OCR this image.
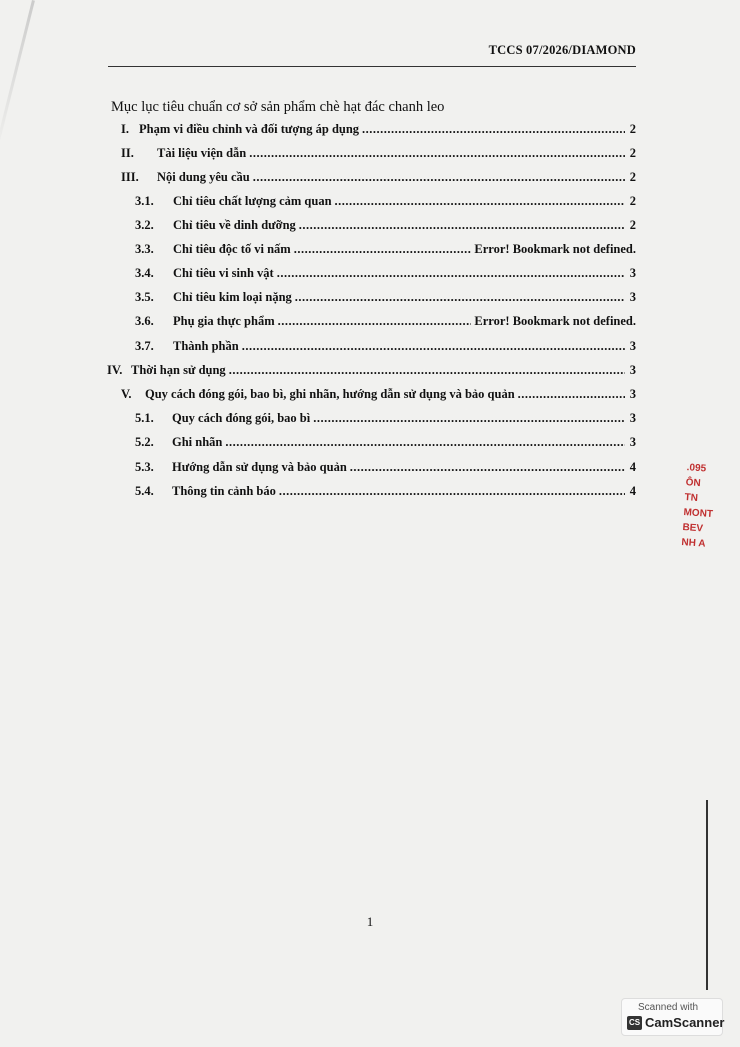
TCCS 07/2026/DIAMOND
Mục lục tiêu chuẩn cơ sở sản phẩm chè hạt đác chanh leo
I. Phạm vi điều chỉnh và đối tượng áp dụng .....	2
II.	Tài liệu viện dẫn .....	2
III.	Nội dung yêu cầu .....	2
3.1.	Chỉ tiêu chất lượng cảm quan .....	2
3.2.	Chỉ tiêu về dinh dưỡng .....	2
3.3.	Chỉ tiêu độc tố vi nấm .....	Error! Bookmark not defined.
3.4.	Chỉ tiêu vi sinh vật .....	3
3.5.	Chỉ tiêu kim loại nặng .....	3
3.6.	Phụ gia thực phẩm .....	Error! Bookmark not defined.
3.7.	Thành phần .....	3
IV. Thời hạn sử dụng .....	3
V.	Quy cách đóng gói, bao bì, ghi nhãn, hướng dẫn sử dụng và bảo quản .....	3
5.1.	Quy cách đóng gói, bao bì .....	3
5.2.	Ghi nhãn .....	3
5.3.	Hướng dẫn sử dụng và bảo quản .....	4
5.4.	Thông tin cảnh báo .....	4
.095
ÔN
TN
MONT
BEV
NH A
1
Scanned with
CS CamScanner
